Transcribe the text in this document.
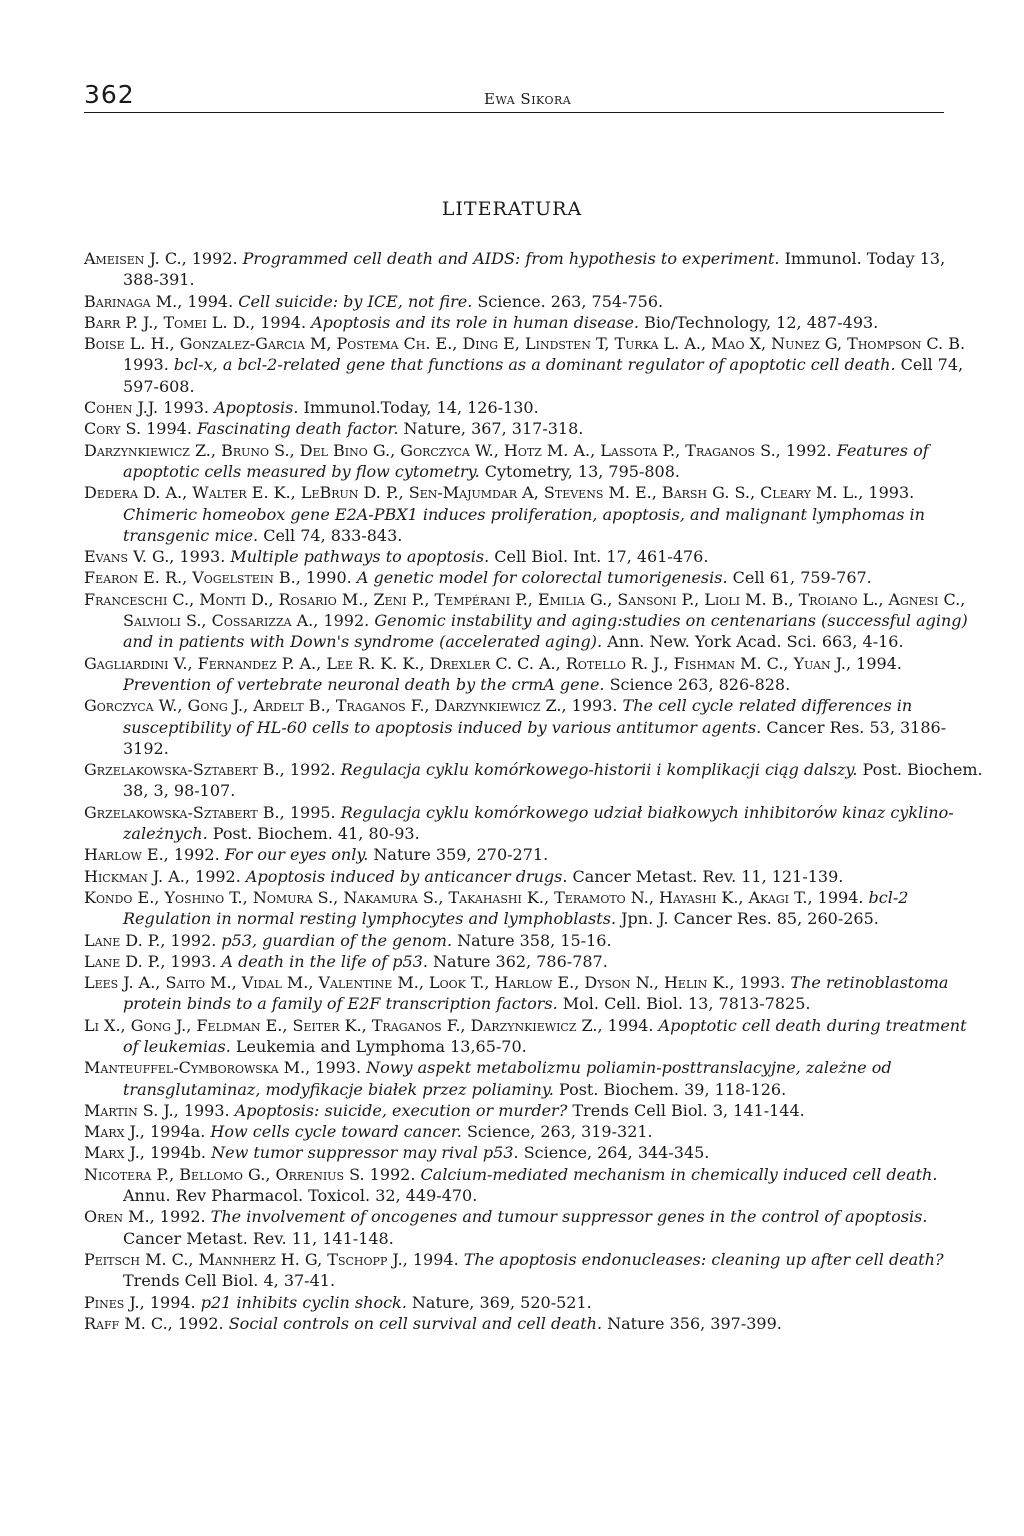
362	Ewa Sikora
LITERATURA

Ameisen J. C., 1992. Programmed cell death and AIDS: from hypothesis to experiment. Immunol. Today 13, 388-391.

Barinaga M., 1994. Cell suicide: by ICE, not fire. Science. 263, 754-756.

Barr P. J., Tomei L. D., 1994. Apoptosis and its role in human disease. Bio/Technology, 12, 487-493.

Boise L. H., Gonzalez-Garcia M, Postema Ch. E., Ding E, Lindsten T, Turka L. A., Mao X, Nunez G, Thompson C. B. 1993. bcl-x, a bcl-2-related gene that functions as a dominant regulator of apoptotic cell death. Cell 74, 597-608.

Cohen J.J. 1993. Apoptosis. Immunol.Today, 14, 126-130.

Cory S. 1994. Fascinating death factor. Nature, 367, 317-318.

Darzynkiewicz Z., Bruno S., Del Bino G., Gorczyca W., Hotz M. A., Lassota P., Traganos S., 1992. Features of apoptotic cells measured by flow cytometry. Cytometry, 13, 795-808.

Dedera D. A., Walter E. K., LeBrun D. P., Sen-Majumdar A, Stevens M. E., Barsh G. S., Cleary M. L., 1993. Chimeric homeobox gene E2A-PBX1 induces proliferation, apoptosis, and malignant lymphomas in transgenic mice. Cell 74, 833-843.

Evans V. G., 1993. Multiple pathways to apoptosis. Cell Biol. Int. 17, 461-476.

Fearon E. R., Vogelstein B., 1990. A genetic model for colorectal tumorigenesis. Cell 61, 759-767.

Franceschi C., Monti D., Rosario M., Zeni P., Tempérani P., Emilia G., Sansoni P., Lioli M. B., Troiano L., Agnesi C., Salvioli S., Cossarizza A., 1992. Genomic instability and aging:studies on centenarians (successful aging) and in patients with Down's syndrome (accelerated aging). Ann. New. York Acad. Sci. 663, 4-16.

Gagliardini V., Fernandez P. A., Lee R. K. K., Drexler C. C. A., Rotello R. J., Fishman M. C., Yuan J., 1994. Prevention of vertebrate neuronal death by the crmA gene. Science 263, 826-828.

Gorczyca W., Gong J., Ardelt B., Traganos F., Darzynkiewicz Z., 1993. The cell cycle related differences in susceptibility of HL-60 cells to apoptosis induced by various antitumor agents. Cancer Res. 53, 3186-3192.

Grzelakowska-Sztabert B., 1992. Regulacja cyklu komórkowego-historii i komplikacji ciąg dalszy. Post. Biochem. 38, 3, 98-107.

Grzelakowska-Sztabert B., 1995. Regulacja cyklu komórkowego udział białkowych inhibitorów kinaz cyklino-zależnych. Post. Biochem. 41, 80-93.

Harlow E., 1992. For our eyes only. Nature 359, 270-271.

Hickman J. A., 1992. Apoptosis induced by anticancer drugs. Cancer Metast. Rev. 11, 121-139.

Kondo E., Yoshino T., Nomura S., Nakamura S., Takahashi K., Teramoto N., Hayashi K., Akagi T., 1994. bcl-2 Regulation in normal resting lymphocytes and lymphoblasts. Jpn. J. Cancer Res. 85, 260-265.

Lane D. P., 1992. p53, guardian of the genom. Nature 358, 15-16.

Lane D. P., 1993. A death in the life of p53. Nature 362, 786-787.

Lees J. A., Saito M., Vidal M., Valentine M., Look T., Harlow E., Dyson N., Helin K., 1993. The retinoblastoma protein binds to a family of E2F transcription factors. Mol. Cell. Biol. 13, 7813-7825.

Li X., Gong J., Feldman E., Seiter K., Traganos F., Darzynkiewicz Z., 1994. Apoptotic cell death during treatment of leukemias. Leukemia and Lymphoma 13,65-70.

Manteuffel-Cymborowska M., 1993. Nowy aspekt metabolizmu poliamin-posttranslacyjne, zależne od transglutaminaz, modyfikacje białek przez poliaminy. Post. Biochem. 39, 118-126.

Martin S. J., 1993. Apoptosis: suicide, execution or murder? Trends Cell Biol. 3, 141-144.

Marx J., 1994a. How cells cycle toward cancer. Science, 263, 319-321.

Marx J., 1994b. New tumor suppressor may rival p53. Science, 264, 344-345.

Nicotera P., Bellomo G., Orrenius S. 1992. Calcium-mediated mechanism in chemically induced cell death. Annu. Rev Pharmacol. Toxicol. 32, 449-470.

Oren M., 1992. The involvement of oncogenes and tumour suppressor genes in the control of apoptosis. Cancer Metast. Rev. 11, 141-148.

Peitsch M. C., Mannherz H. G, Tschopp J., 1994. The apoptosis endonucleases: cleaning up after cell death? Trends Cell Biol. 4, 37-41.

Pines J., 1994. p21 inhibits cyclin shock. Nature, 369, 520-521.

Raff M. C., 1992. Social controls on cell survival and cell death. Nature 356, 397-399.
